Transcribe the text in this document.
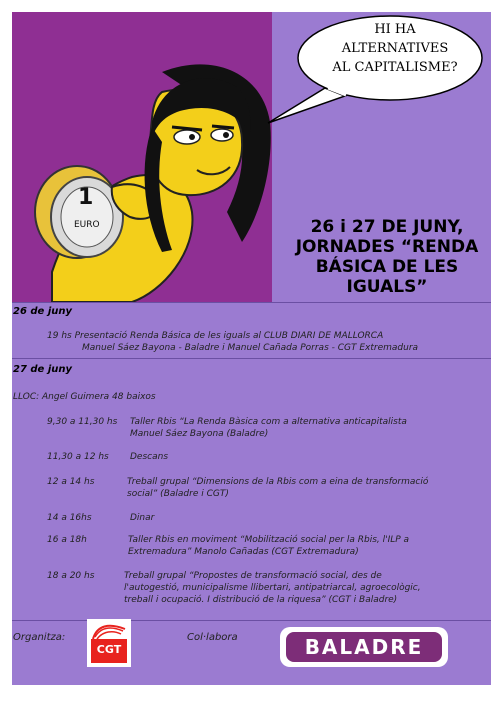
1
EURO	26 i 27 DE JUNY,
JORNADES “RENDA
BÁSICA DE LES
IGUALS”
HI HA
ALTERNATIVES
AL CAPITALISME?
26 de juny
19 hs Presentació Renda Básica de les iguals al CLUB DIARI DE MALLORCA
Manuel Sáez Bayona - Baladre i Manuel Cañada Porras - CGT Extremadura
27 de juny
LLOC: Angel Guimera 48 baixos
9,30 a 11,30 hs Taller Rbis “La Renda Bàsica com a alternativa anticapitalista
Manuel Sáez Bayona (Baladre)
11,30 a 12 hs Descans
12 a 14 hs	Treball grupal “Dimensions de la Rbis com a eina de transformació
social” (Baladre i CGT)
14 a 16hs	Dinar
16 a 18h	Taller Rbis en moviment “Mobilització social per la Rbis, l'ILP a
Extremadura” Manolo Cañadas (CGT Extremadura)
18 a 20 hs	Treball grupal “Propostes de transformació social, des de
l'autogestió, municipalisme llibertari, antipatriarcal, agroecològic,
treball i ocupació. I distribució de la riquesa” (CGT i Baladre)
Organitza:
CGT
Col·labora	BALADRE
